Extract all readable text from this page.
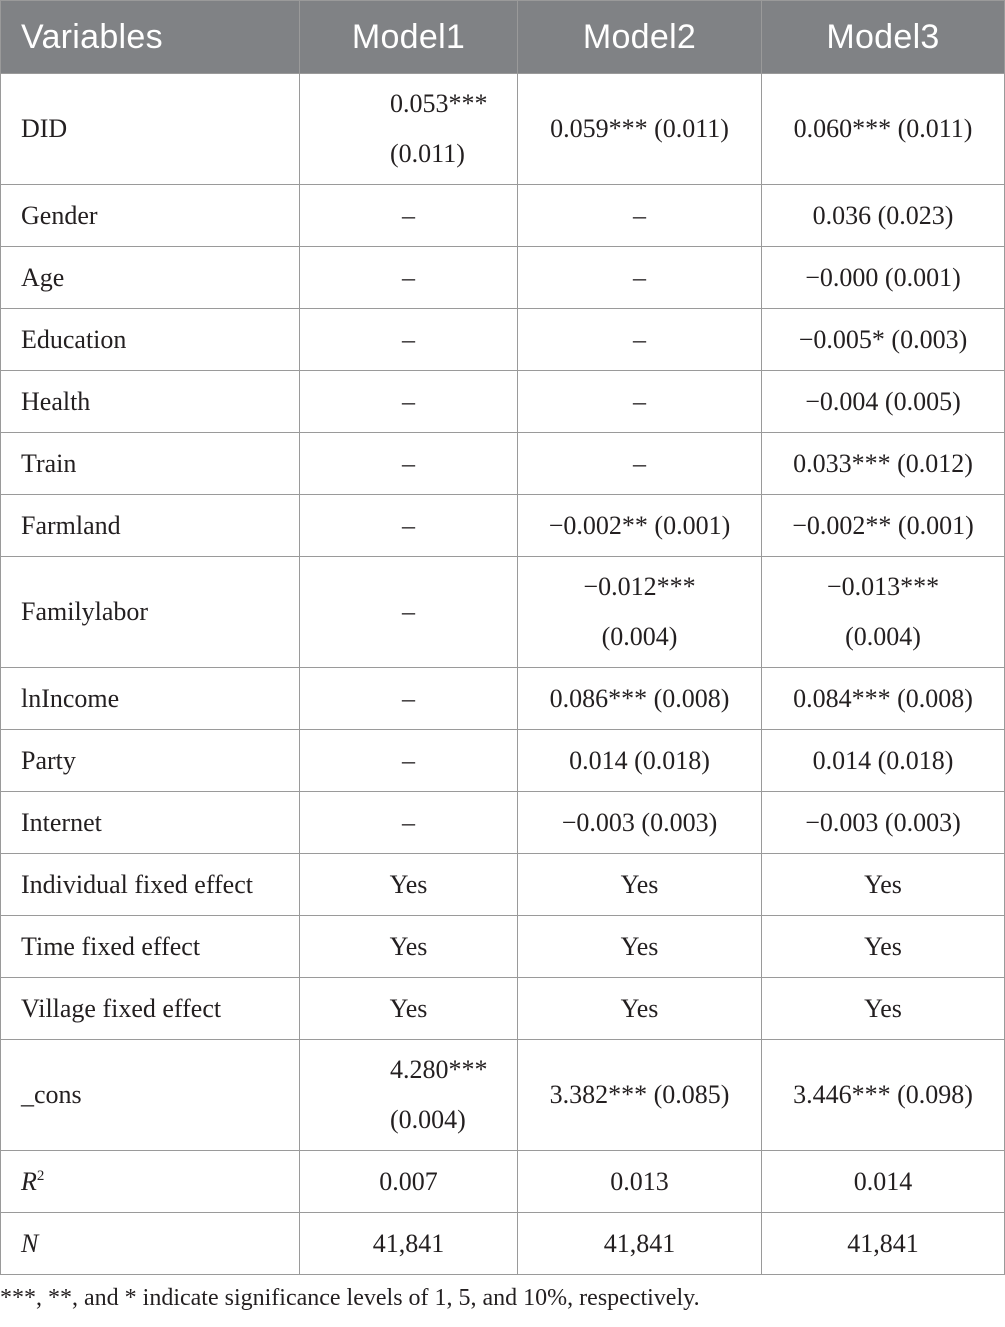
Variables	Model1	Model2	Model3
DID	0.053*** (0.011)	0.059*** (0.011)	0.060*** (0.011)
Gender	–	–	0.036 (0.023)
Age	–	–	−0.000 (0.001)
Education	–	–	−0.005* (0.003)
Health	–	–	−0.004 (0.005)
Train	–	–	0.033*** (0.012)
Farmland	–	−0.002** (0.001)	−0.002** (0.001)
Familylabor	–	−0.012*** (0.004)	−0.013*** (0.004)
lnIncome	–	0.086*** (0.008)	0.084*** (0.008)
Party	–	0.014 (0.018)	0.014 (0.018)
Internet	–	−0.003 (0.003)	−0.003 (0.003)
Individual fixed effect	Yes	Yes	Yes
Time fixed effect	Yes	Yes	Yes
Village fixed effect	Yes	Yes	Yes
_cons	4.280*** (0.004)	3.382*** (0.085)	3.446*** (0.098)
$R^2$	0.007	0.013	0.014
N	41,841	41,841	41,841
***, **, and * indicate significance levels of 1, 5, and 10%, respectively.
